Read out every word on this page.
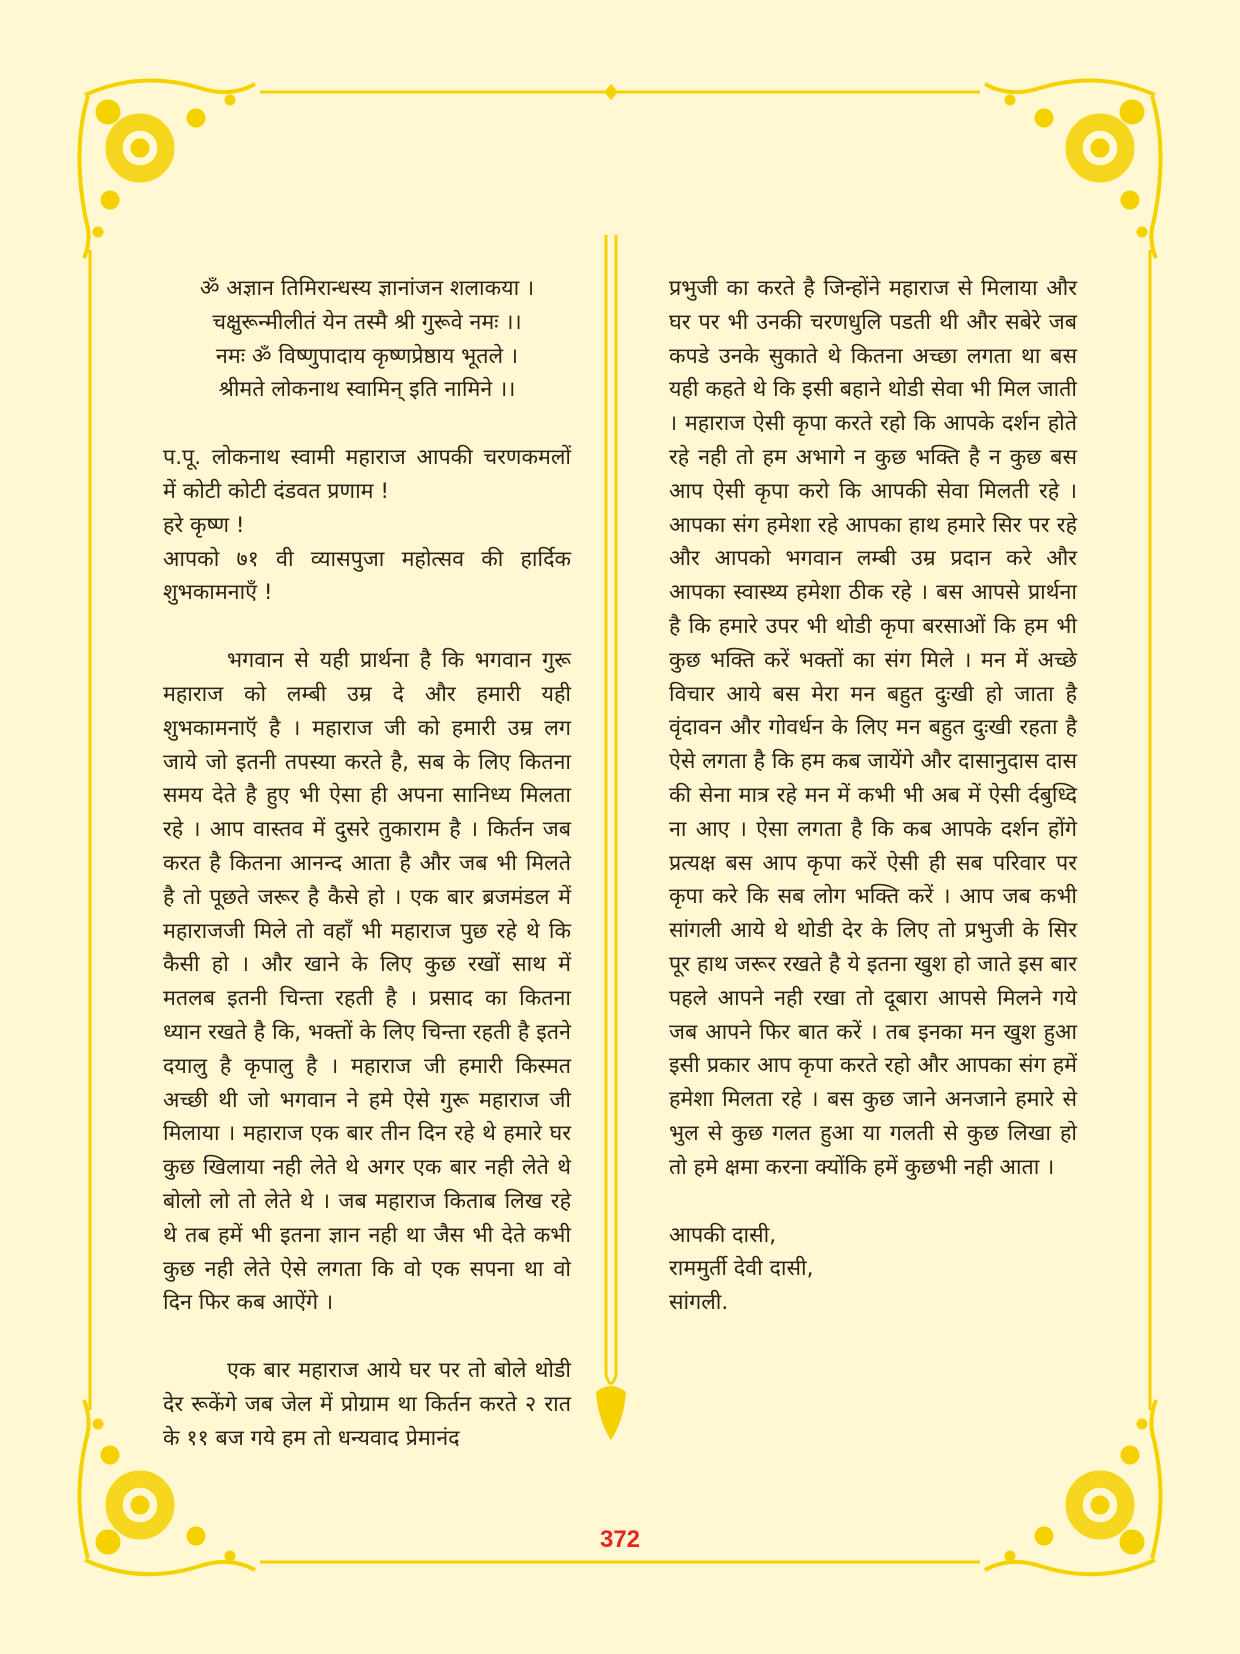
ॐ अज्ञान तिमिरान्धस्य ज्ञानांजन शलाकया ।
चक्षुरून्मीलीतं येन तस्मै श्री गुरूवे नमः ।।
नमः ॐ विष्णुपादाय कृष्णप्रेष्ठाय भूतले ।
श्रीमते लोकनाथ स्वामिन् इति नामिने ।।

प.पू. लोकनाथ स्वामी महाराज आपकी चरणकमलों में कोटी कोटी दंडवत प्रणाम !

हरे कृष्ण !

आपको ७१ वी व्यासपुजा महोत्सव की हार्दिक शुभकामनाएँ !

भगवान से यही प्रार्थना है कि भगवान गुरू महाराज को लम्बी उम्र दे और हमारी यही शुभकामनाऍ है । महाराज जी को हमारी उम्र लग जाये जो इतनी तपस्या करते है, सब के लिए कितना समय देते है हुए भी ऐसा ही अपना सानिध्य मिलता रहे । आप वास्तव में दुसरे तुकाराम है । किर्तन जब करत है कितना आनन्द आता है और जब भी मिलते है तो पूछते जरूर है कैसे हो । एक बार ब्रजमंडल में महाराजजी मिले तो वहाँ भी महाराज पुछ रहे थे कि कैसी हो । और खाने के लिए कुछ रखों साथ में मतलब इतनी चिन्ता रहती है । प्रसाद का कितना ध्यान रखते है कि, भक्तों के लिए चिन्ता रहती है इतने दयालु है कृपालु है । महाराज जी हमारी किस्मत अच्छी थी जो भगवान ने हमे ऐसे गुरू महाराज जी मिलाया । महाराज एक बार तीन दिन रहे थे हमारे घर कुछ खिलाया नही लेते थे अगर एक बार नही लेते थे बोलो लो तो लेते थे । जब महाराज किताब लिख रहे थे तब हमें भी इतना ज्ञान नही था जैस भी देते कभी कुछ नही लेते ऐसे लगता कि वो एक सपना था वो दिन फिर कब आऐंगे ।

एक बार महाराज आये घर पर तो बोले थोडी देर रूकेंगे जब जेल में प्रोग्राम था किर्तन करते २ रात के ११ बज गये हम तो धन्यवाद प्रेमानंद

प्रभुजी का करते है जिन्होंने महाराज से मिलाया और घर पर भी उनकी चरणधुलि पडती थी और सबेरे जब कपडे उनके सुकाते थे कितना अच्छा लगता था बस यही कहते थे कि इसी बहाने थोडी सेवा भी मिल जाती । महाराज ऐसी कृपा करते रहो कि आपके दर्शन होते रहे नही तो हम अभागे न कुछ भक्ति है न कुछ बस आप ऐसी कृपा करो कि आपकी सेवा मिलती रहे । आपका संग हमेशा रहे आपका हाथ हमारे सिर पर रहे और आपको भगवान लम्बी उम्र प्रदान करे और आपका स्वास्थ्य हमेशा ठीक रहे । बस आपसे प्रार्थना है कि हमारे उपर भी थोडी कृपा बरसाओं कि हम भी कुछ भक्ति करें भक्तों का संग मिले । मन में अच्छे विचार आये बस मेरा मन बहुत दुःखी हो जाता है वृंदावन और गोवर्धन के लिए मन बहुत दुःखी रहता है ऐसे लगता है कि हम कब जायेंगे और दासानुदास दास की सेना मात्र रहे मन में कभी भी अब में ऐसी र्दबुध्दि ना आए । ऐसा लगता है कि कब आपके दर्शन होंगे प्रत्यक्ष बस आप कृपा करें ऐसी ही सब परिवार पर कृपा करे कि सब लोग भक्ति करें । आप जब कभी सांगली आये थे थोडी देर के लिए तो प्रभुजी के सिर पूर हाथ जरूर रखते है ये इतना खुश हो जाते इस बार पहले आपने नही रखा तो दूबारा आपसे मिलने गये जब आपने फिर बात करें । तब इनका मन खुश हुआ इसी प्रकार आप कृपा करते रहो और आपका संग हमें हमेशा मिलता रहे । बस कुछ जाने अनजाने हमारे से भुल से कुछ गलत हुआ या गलती से कुछ लिखा हो तो हमे क्षमा करना क्योंकि हमें कुछभी नही आता ।

आपकी दासी,
राममुर्ती देवी दासी,
सांगली.
372
